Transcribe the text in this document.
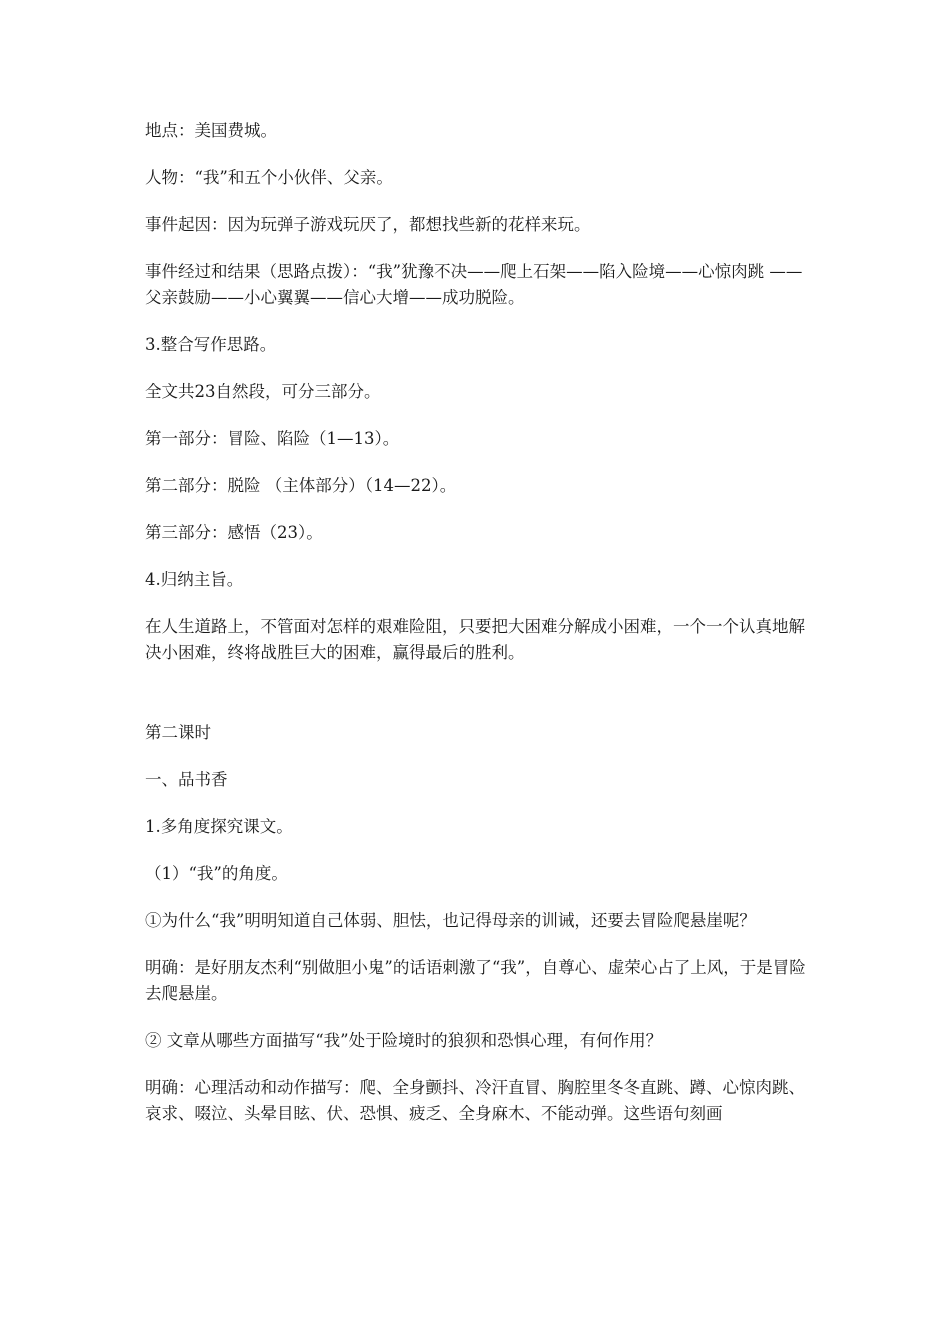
地点：美国费城。

人物：“我”和五个小伙伴、父亲。

事件起因：因为玩弹子游戏玩厌了，都想找些新的花样来玩。

事件经过和结果（思路点拨）：“我”犹豫不决——爬上石架——陷入险境——心惊肉跳 ——父亲鼓励——小心翼翼——信心大增——成功脱险。

3.整合写作思路。

全文共23自然段，可分三部分。

第一部分：冒险、陷险（1—13）。

第二部分：脱险 （主体部分）（14—22）。

第三部分：感悟（23）。

4.归纳主旨。

在人生道路上，不管面对怎样的艰难险阻，只要把大困难分解成小困难，一个一个认真地解决小困难，终将战胜巨大的困难，赢得最后的胜利。

第二课时

一、品书香

1.多角度探究课文。

（1）“我”的角度。

①为什么“我”明明知道自己体弱、胆怯，也记得母亲的训诫，还要去冒险爬悬崖呢？

明确：是好朋友杰利“别做胆小鬼”的话语刺激了“我”，自尊心、虚荣心占了上风，于是冒险去爬悬崖。

② 文章从哪些方面描写“我”处于险境时的狼狈和恐惧心理，有何作用？

明确：心理活动和动作描写：爬、全身颤抖、冷汗直冒、胸腔里冬冬直跳、蹲、心惊肉跳、哀求、啜泣、头晕目眩、伏、恐惧、疲乏、全身麻木、不能动弹。这些语句刻画
